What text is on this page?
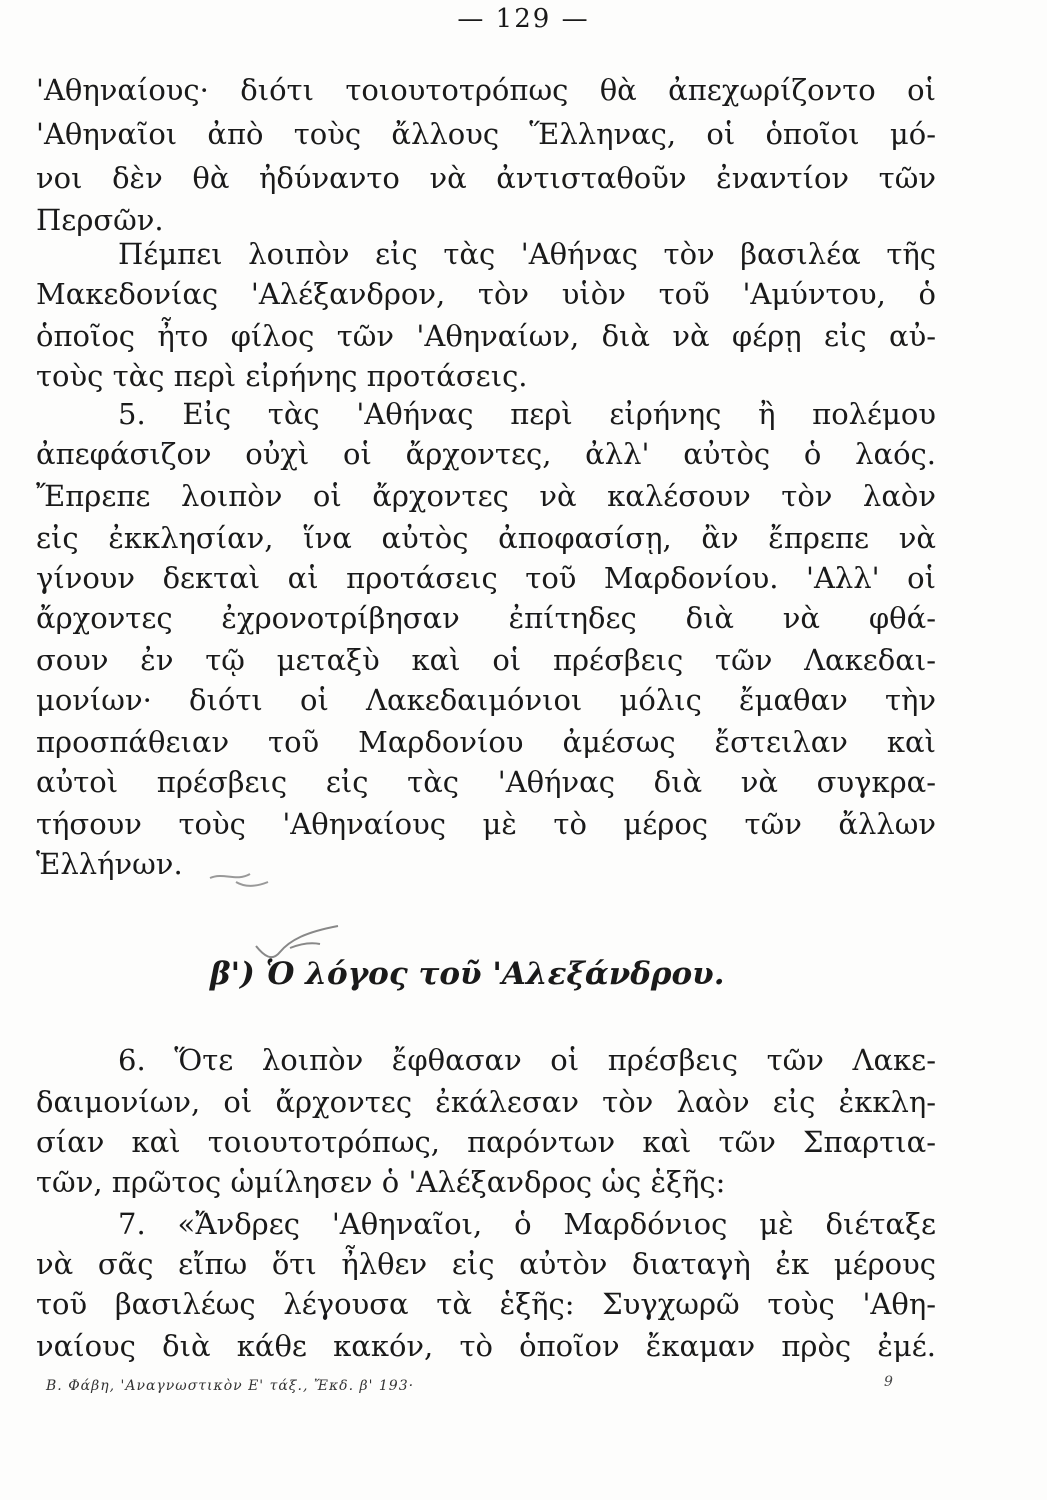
— 129 —
'Αθηναίους· διότι τοιουτοτρόπως θὰ ἀπεχωρίζοντο οἱ
'Αθηναῖοι ἀπὸ τοὺς ἄλλους Ἕλληνας, οἱ ὁποῖοι μό-
νοι δὲν θὰ ἠδύναντο νὰ ἀντισταθοῦν ἐναντίον τῶν
Περσῶν.
Πέμπει λοιπὸν εἰς τὰς 'Αθήνας τὸν βασιλέα τῆς
Μακεδονίας 'Αλέξανδρον, τὸν υἱὸν τοῦ 'Αμύντου, ὁ
ὁποῖος ἦτο φίλος τῶν 'Αθηναίων, διὰ νὰ φέρῃ εἰς αὐ-
τοὺς τὰς περὶ εἰρήνης προτάσεις.
5. Εἰς τὰς 'Αθήνας περὶ εἰρήνης ἢ πολέμου
ἀπεφάσιζον οὐχὶ οἱ ἄρχοντες, ἀλλ' αὐτὸς ὁ λαός.
Ἔπρεπε λοιπὸν οἱ ἄρχοντες νὰ καλέσουν τὸν λαὸν
εἰς ἐκκλησίαν, ἵνα αὐτὸς ἀποφασίσῃ, ἂν ἔπρεπε νὰ
γίνουν δεκταὶ αἱ προτάσεις τοῦ Μαρδονίου. 'Αλλ' οἱ
ἄρχοντες ἐχρονοτρίβησαν ἐπίτηδες διὰ νὰ φθά-
σουν ἐν τῷ μεταξὺ καὶ οἱ πρέσβεις τῶν Λακεδαι-
μονίων· διότι οἱ Λακεδαιμόνιοι μόλις ἔμαθαν τὴν
προσπάθειαν τοῦ Μαρδονίου ἀμέσως ἔστειλαν καὶ
αὐτοὶ πρέσβεις εἰς τὰς 'Αθήνας διὰ νὰ συγκρα-
τήσουν τοὺς 'Αθηναίους μὲ τὸ μέρος τῶν ἄλλων
Ἑλλήνων.
β') Ὁ λόγος τοῦ 'Αλεξάνδρου.
6. Ὅτε λοιπὸν ἔφθασαν οἱ πρέσβεις τῶν Λακε-
δαιμονίων, οἱ ἄρχοντες ἐκάλεσαν τὸν λαὸν εἰς ἐκκλη-
σίαν καὶ τοιουτοτρόπως, παρόντων καὶ τῶν Σπαρτια-
τῶν, πρῶτος ὡμίλησεν ὁ 'Αλέξανδρος ὡς ἑξῆς:
7. «Ἄνδρες 'Αθηναῖοι, ὁ Μαρδόνιος μὲ διέταξε
νὰ σᾶς εἴπω ὅτι ἦλθεν εἰς αὐτὸν διαταγὴ ἐκ μέρους
τοῦ βασιλέως λέγουσα τὰ ἑξῆς: Συγχωρῶ τοὺς 'Αθη-
ναίους διὰ κάθε κακόν, τὸ ὁποῖον ἔκαμαν πρὸς ἐμέ.
Β. Φάβη, 'Αναγνωστικὸν Ε' τάξ., Ἔκδ. β' 193·	9
